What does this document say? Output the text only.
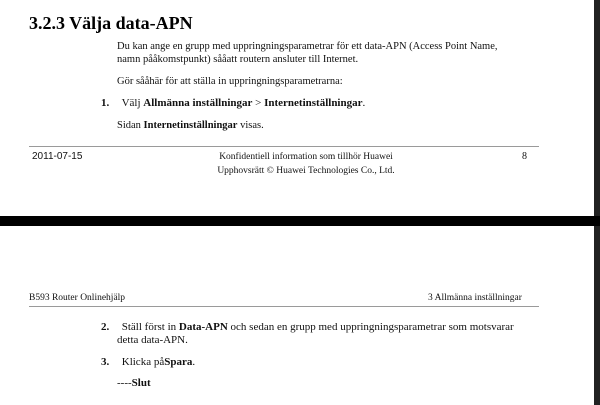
3.2.3 Välja data-APN
Du kan ange en grupp med uppringningsparametrar för ett data-APN (Access Point Name,
namn pååkomstpunkt) sååatt routern ansluter till Internet.
Gör sååhär för att ställa in uppringningsparametrarna:
1. Välj Allmänna inställningar > Internetinställningar.
Sidan Internetinställningar visas.
2011-07-15	Konfidentiell information som tillhör Huawei
Upphovsrätt © Huawei Technologies Co., Ltd.
8
B593 Router Onlinehjälp	3 Allmänna inställningar
2. Ställ först in Data-APN och sedan en grupp med uppringningsparametrar som motsvarar
detta data-APN.
3. Klicka påSpara.
----Slut
